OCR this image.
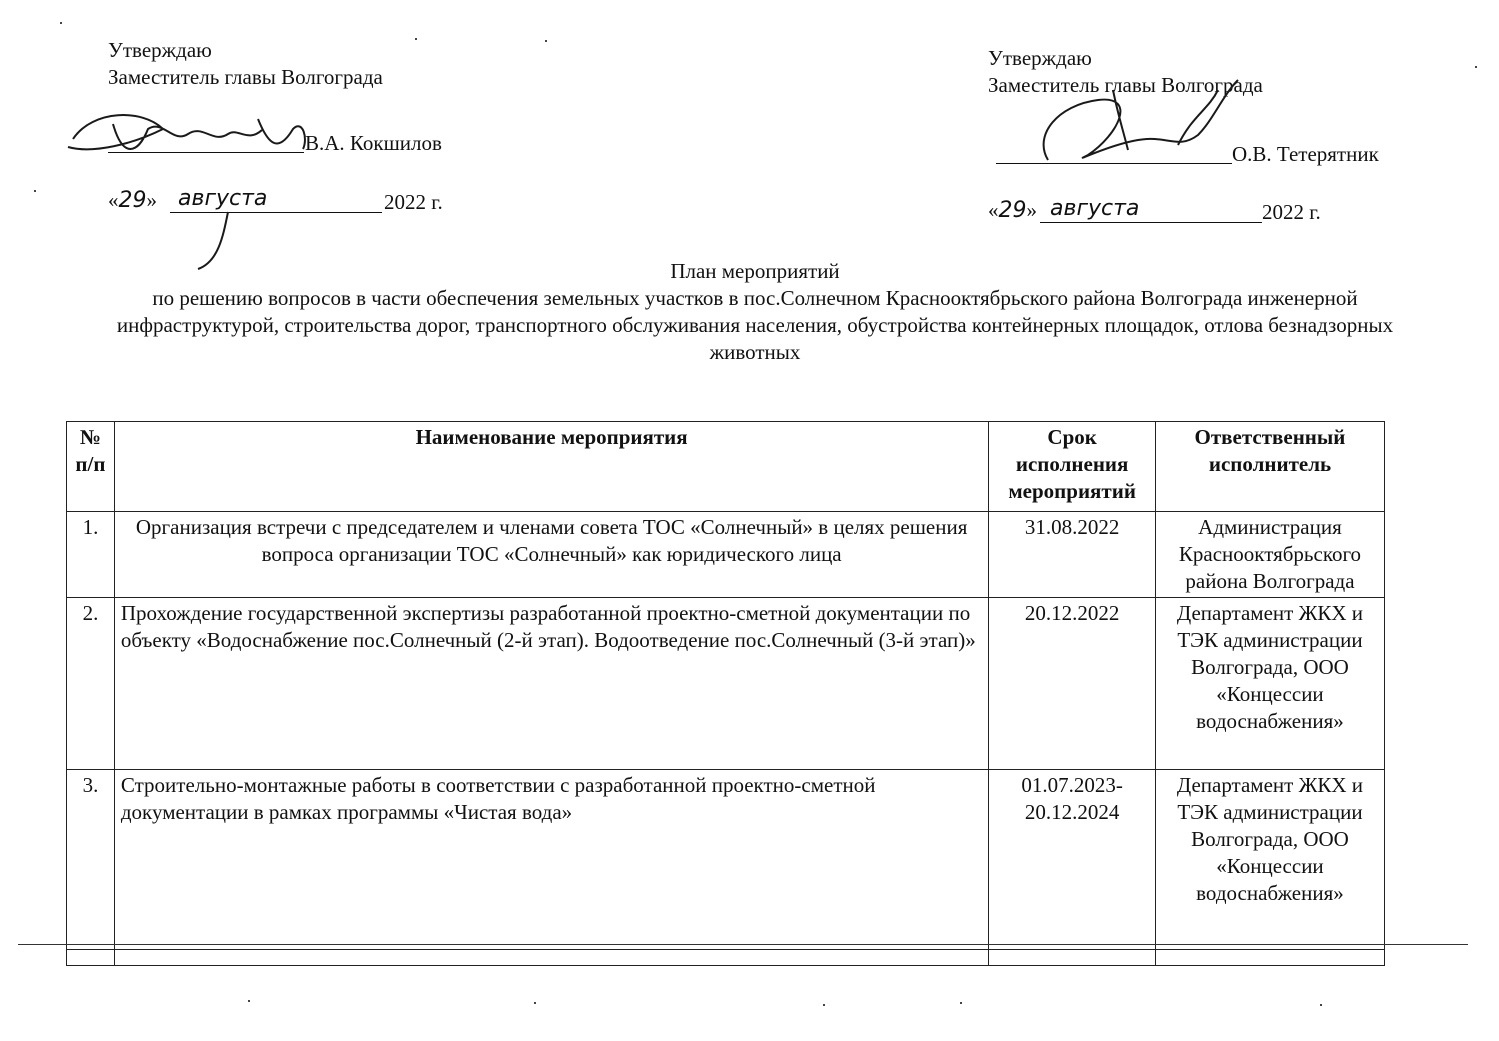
Утверждаю
Заместитель главы Волгограда
В.А. Кокшилов
«29» августа	2022 г.
Утверждаю
Заместитель главы Волгограда
О.В. Тетерятник
«29» августа	2022 г.
План мероприятий
по решению вопросов в части обеспечения земельных участков в пос.Солнечном Краснооктябрьского района Волгограда инженерной инфраструктурой, строительства дорог, транспортного обслуживания населения, обустройства контейнерных площадок, отлова безнадзорных животных
№ п/п	Наименование мероприятия	Срок исполнения мероприятий	Ответственный исполнитель
1.	Организация встречи с председателем и членами совета ТОС «Солнечный» в целях решения вопроса организации ТОС «Солнечный» как юридического лица	31.08.2022	Администрация Краснооктябрьского района Волгограда
2.	Прохождение государственной экспертизы разработанной проектно-сметной документации по объекту «Водоснабжение пос.Солнечный (2-й этап). Водоотведение пос.Солнечный (3-й этап)»	20.12.2022	Департамент ЖКХ и ТЭК администрации Волгограда, ООО «Концессии водоснабжения»
3.	Строительно-монтажные работы в соответствии с разработанной проектно-сметной документации в рамках программы «Чистая вода»	01.07.2023-20.12.2024	Департамент ЖКХ и ТЭК администрации Волгограда, ООО «Концессии водоснабжения»
